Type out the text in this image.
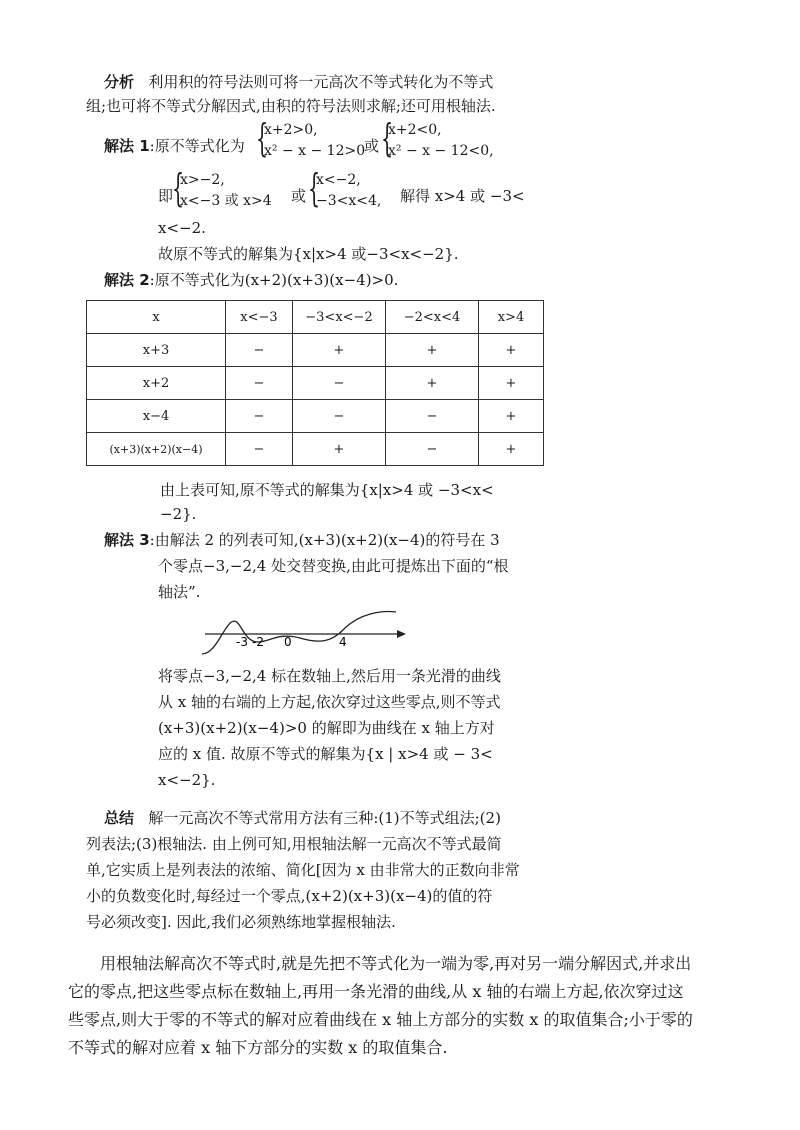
分析 利用积的符号法则可将一元高次不等式转化为不等式
组;也可将不等式分解因式,由积的符号法则求解;还可用根轴法.
解法 1:原不等式化为 {
x+2>0,
x² − x − 12>0
或 {
x+2<0,
x² − x − 12<0,
即
{
x>−2,
x<−3 或 x>4 或 {
x<−2,
−3<x<4, 解得 x>4 或 −3<
x<−2.
故原不等式的解集为{x|x>4 或−3<x<−2}.
解法 2:原不等式化为(x+2)(x+3)(x−4)>0.
x	x<−3	−3<x<−2	−2<x<4	x>4
x+3	−	+	+	+
x+2	−	−	+	+
x−4	−	−	−	+
(x+3)(x+2)(x−4)	−	+	−	+
由上表可知,原不等式的解集为{x|x>4 或 −3<x<
−2}.
解法 3:由解法 2 的列表可知,(x+3)(x+2)(x−4)的符号在 3
个零点−3,−2,4 处交替变换,由此可提炼出下面的“根
轴法”.
-3 -2 0	4
将零点−3,−2,4 标在数轴上,然后用一条光滑的曲线
从 x 轴的右端的上方起,依次穿过这些零点,则不等式
(x+3)(x+2)(x−4)>0 的解即为曲线在 x 轴上方对
应的 x 值. 故原不等式的解集为{x | x>4 或 − 3<
x<−2}.
总结 解一元高次不等式常用方法有三种:(1)不等式组法;(2)
列表法;(3)根轴法. 由上例可知,用根轴法解一元高次不等式最简
单,它实质上是列表法的浓缩、简化[因为 x 由非常大的正数向非常
小的负数变化时,每经过一个零点,(x+2)(x+3)(x−4)的值的符
号必须改变]. 因此,我们必须熟练地掌握根轴法.
用根轴法解高次不等式时,就是先把不等式化为一端为零,再对另一端分解因式,并求出
它的零点,把这些零点标在数轴上,再用一条光滑的曲线,从 x 轴的右端上方起,依次穿过这
些零点,则大于零的不等式的解对应着曲线在 x 轴上方部分的实数 x 的取值集合;小于零的
不等式的解对应着 x 轴下方部分的实数 x 的取值集合.
